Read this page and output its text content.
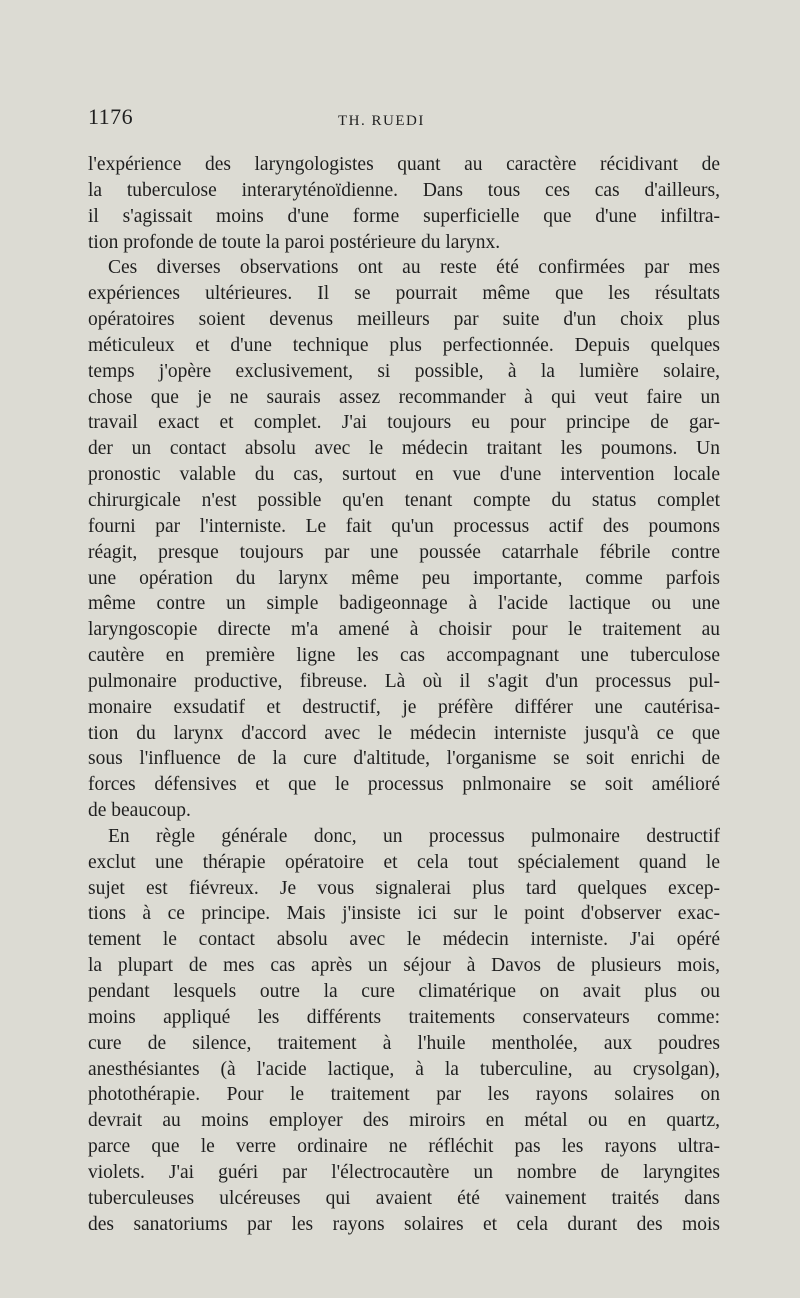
1176	TH. RUEDI
l'expérience des laryngologistes quant au caractère récidivant de
la tuberculose interaryténoïdienne. Dans tous ces cas d'ailleurs,
il s'agissait moins d'une forme superficielle que d'une infiltra-
tion profonde de toute la paroi postérieure du larynx.
Ces diverses observations ont au reste été confirmées par mes
expériences ultérieures. Il se pourrait même que les résultats
opératoires soient devenus meilleurs par suite d'un choix plus
méticuleux et d'une technique plus perfectionnée. Depuis quelques
temps j'opère exclusivement, si possible, à la lumière solaire,
chose que je ne saurais assez recommander à qui veut faire un
travail exact et complet. J'ai toujours eu pour principe de gar-
der un contact absolu avec le médecin traitant les poumons. Un
pronostic valable du cas, surtout en vue d'une intervention locale
chirurgicale n'est possible qu'en tenant compte du status complet
fourni par l'interniste. Le fait qu'un processus actif des poumons
réagit, presque toujours par une poussée catarrhale fébrile contre
une opération du larynx même peu importante, comme parfois
même contre un simple badigeonnage à l'acide lactique ou une
laryngoscopie directe m'a amené à choisir pour le traitement au
cautère en première ligne les cas accompagnant une tuberculose
pulmonaire productive, fibreuse. Là où il s'agit d'un processus pul-
monaire exsudatif et destructif, je préfère différer une cautérisa-
tion du larynx d'accord avec le médecin interniste jusqu'à ce que
sous l'influence de la cure d'altitude, l'organisme se soit enrichi de
forces défensives et que le processus pnlmonaire se soit amélioré
de beaucoup.
En règle générale donc, un processus pulmonaire destructif
exclut une thérapie opératoire et cela tout spécialement quand le
sujet est fiévreux. Je vous signalerai plus tard quelques excep-
tions à ce principe. Mais j'insiste ici sur le point d'observer exac-
tement le contact absolu avec le médecin interniste. J'ai opéré
la plupart de mes cas après un séjour à Davos de plusieurs mois,
pendant lesquels outre la cure climatérique on avait plus ou
moins appliqué les différents traitements conservateurs comme:
cure de silence, traitement à l'huile mentholée, aux poudres
anesthésiantes (à l'acide lactique, à la tuberculine, au crysolgan),
photothérapie. Pour le traitement par les rayons solaires on
devrait au moins employer des miroirs en métal ou en quartz,
parce que le verre ordinaire ne réfléchit pas les rayons ultra-
violets. J'ai guéri par l'électrocautère un nombre de laryngites
tuberculeuses ulcéreuses qui avaient été vainement traités dans
des sanatoriums par les rayons solaires et cela durant des mois
